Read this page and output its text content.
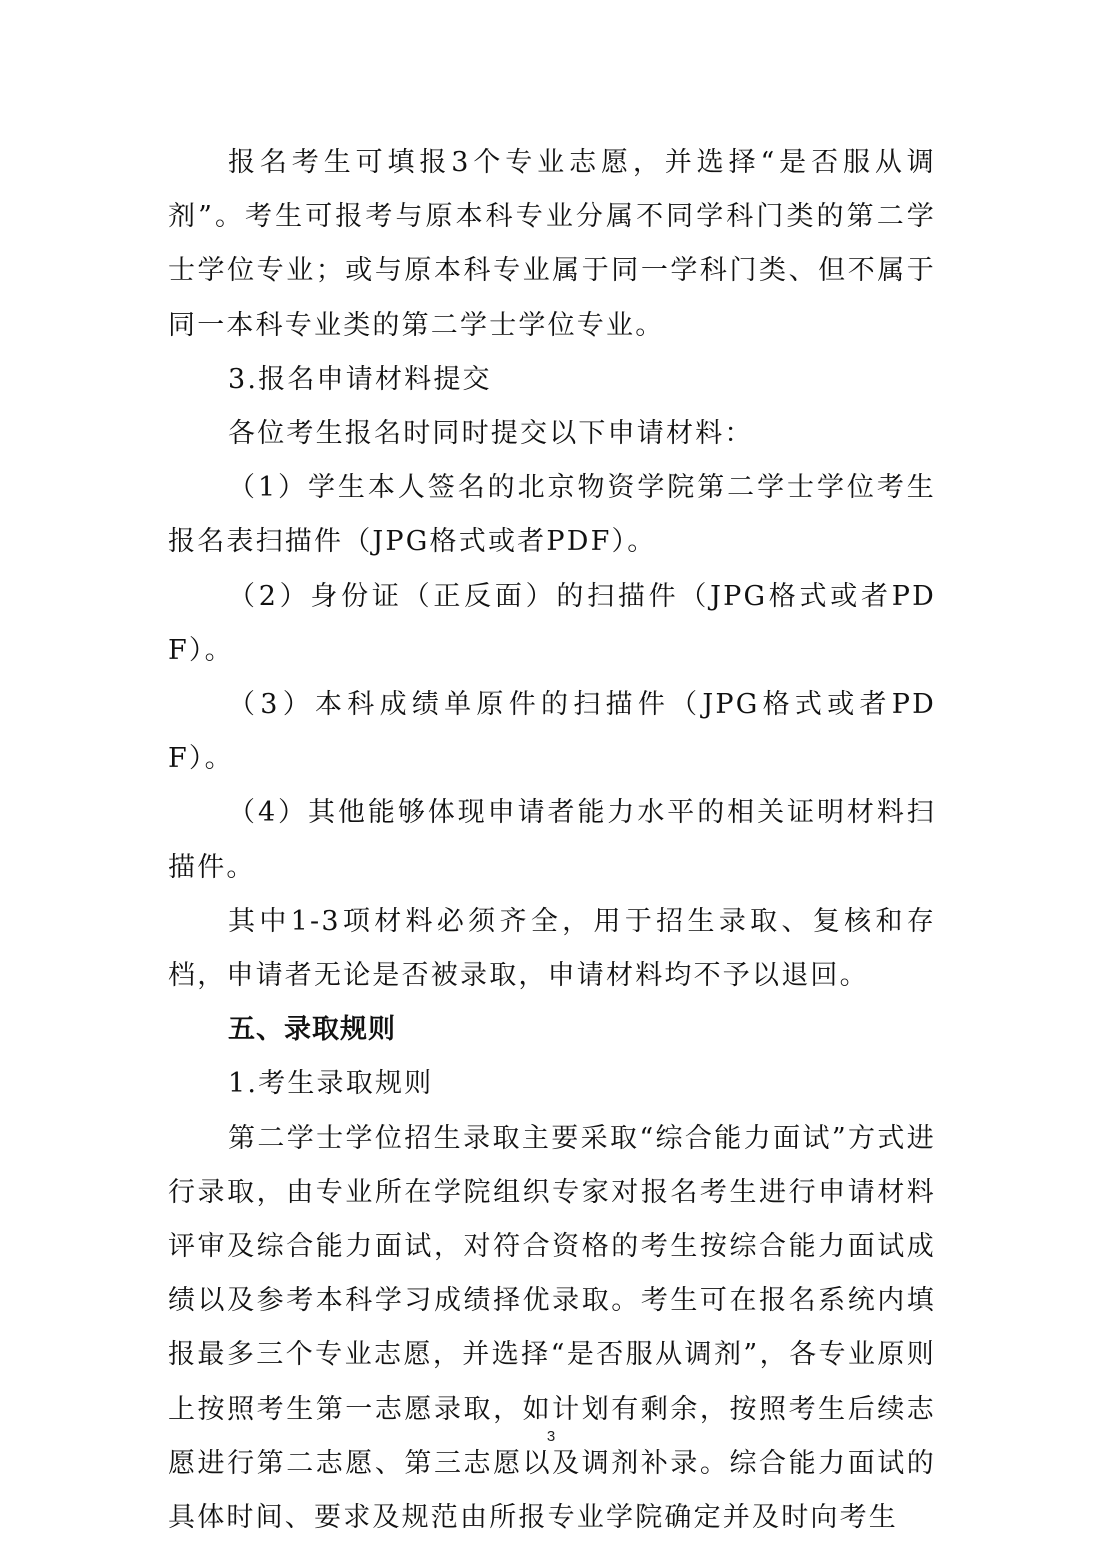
报名考生可填报3个专业志愿，并选择“是否服从调剂”。考生可报考与原本科专业分属不同学科门类的第二学士学位专业；或与原本科专业属于同一学科门类、但不属于同一本科专业类的第二学士学位专业。

3.报名申请材料提交

各位考生报名时同时提交以下申请材料：

（1）学生本人签名的北京物资学院第二学士学位考生报名表扫描件（JPG格式或者PDF）。

（2）身份证（正反面）的扫描件（JPG格式或者PDF）。

（3）本科成绩单原件的扫描件（JPG格式或者PDF）。

（4）其他能够体现申请者能力水平的相关证明材料扫描件。

其中1-3项材料必须齐全，用于招生录取、复核和存档，申请者无论是否被录取，申请材料均不予以退回。

五、录取规则

1.考生录取规则

第二学士学位招生录取主要采取“综合能力面试”方式进行录取，由专业所在学院组织专家对报名考生进行申请材料评审及综合能力面试，对符合资格的考生按综合能力面试成绩以及参考本科学习成绩择优录取。考生可在报名系统内填报最多三个专业志愿，并选择“是否服从调剂”，各专业原则上按照考生第一志愿录取，如计划有剩余，按照考生后续志愿进行第二志愿、第三志愿以及调剂补录。综合能力面试的具体时间、要求及规范由所报专业学院确定并及时向考生

3
